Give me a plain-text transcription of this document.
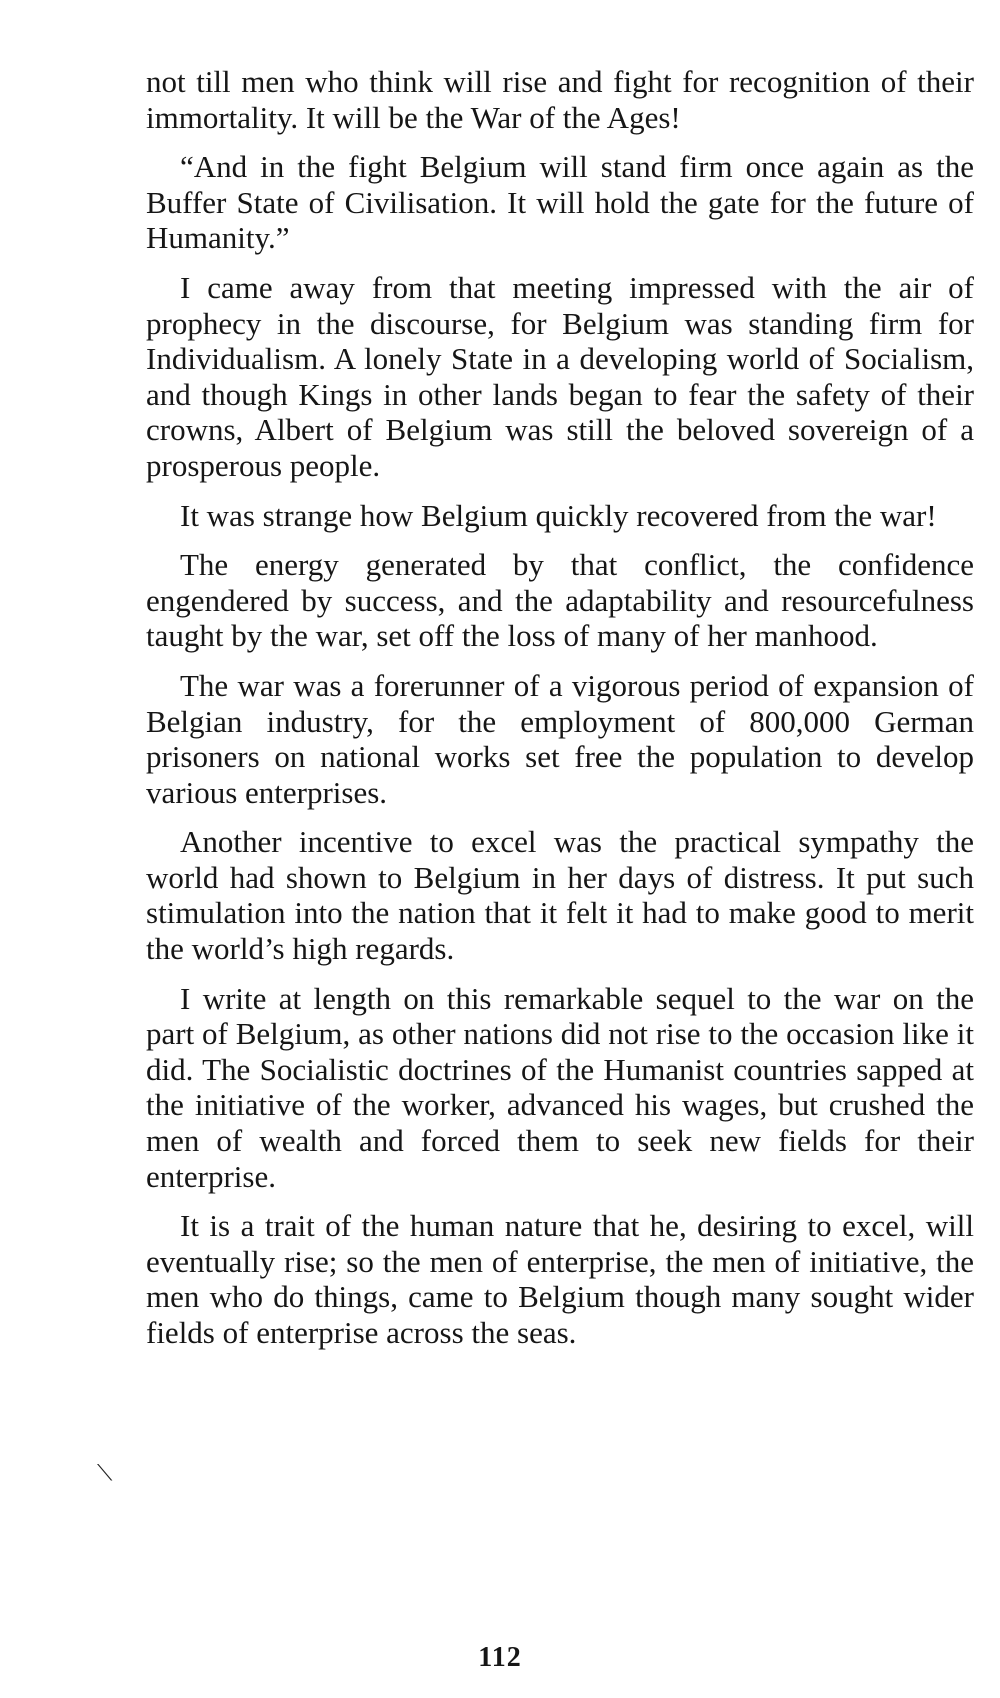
not till men who think will rise and fight for recognition of their immortality. It will be the War of the Ages!

“And in the fight Belgium will stand firm once again as the Buffer State of Civilisation. It will hold the gate for the future of Humanity.”

I came away from that meeting impressed with the air of prophecy in the discourse, for Belgium was standing firm for Individualism. A lonely State in a developing world of Socialism, and though Kings in other lands began to fear the safety of their crowns, Albert of Belgium was still the beloved sovereign of a prosperous people.

It was strange how Belgium quickly recovered from the war!

The energy generated by that conflict, the confidence engendered by success, and the adaptability and resourcefulness taught by the war, set off the loss of many of her manhood.

The war was a forerunner of a vigorous period of expansion of Belgian industry, for the employment of 800,000 German prisoners on national works set free the population to develop various enterprises.

Another incentive to excel was the practical sympathy the world had shown to Belgium in her days of distress. It put such stimulation into the nation that it felt it had to make good to merit the world’s high regards.

I write at length on this remarkable sequel to the war on the part of Belgium, as other nations did not rise to the occasion like it did. The Socialistic doctrines of the Humanist countries sapped at the initiative of the worker, advanced his wages, but crushed the men of wealth and forced them to seek new fields for their enterprise.

It is a trait of the human nature that he, desiring to excel, will eventually rise; so the men of enterprise, the men of initiative, the men who do things, came to Belgium though many sought wider fields of enterprise across the seas.

⟍
112
